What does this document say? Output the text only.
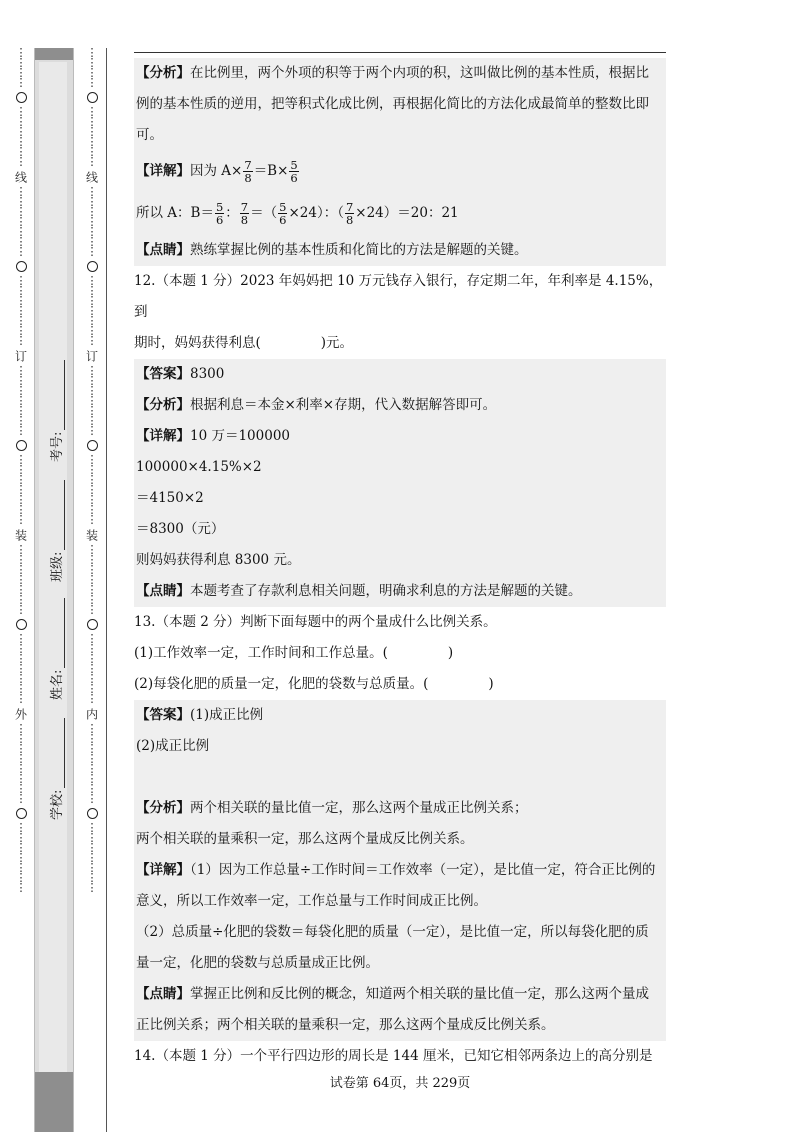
⋮
⋮
⋮
⋮
⋮
⋮
⋮
⋮
⋮
⋮
线
⋮
⋮
⋮
⋮
⋮
⋮
⋮
⋮
⋮
⋮
⋮
⋮
⋮
⋮
订
⋮
⋮
⋮
⋮
⋮
⋮
⋮
⋮
⋮
⋮
⋮
⋮
⋮
⋮
装
⋮
⋮
⋮
⋮
⋮
⋮
⋮
⋮
⋮
⋮
⋮
⋮
⋮
⋮
外
⋮
⋮
⋮
⋮
⋮
⋮
⋮
⋮
⋮
⋮
⋮
⋮
⋮
⋮
⋮
考号:
班级:
姓名:
学校:
⋮
⋮
⋮
⋮
⋮
⋮
⋮
⋮
⋮
⋮
线
⋮
⋮
⋮
⋮
⋮
⋮
⋮
⋮
⋮
⋮
⋮
⋮
⋮
⋮
订
⋮
⋮
⋮
⋮
⋮
⋮
⋮
⋮
⋮
⋮
⋮
⋮
⋮
⋮
装
⋮
⋮
⋮
⋮
⋮
⋮
⋮
⋮
⋮
⋮
⋮
⋮
⋮
⋮
内
⋮
⋮
⋮
⋮
⋮
⋮
⋮
⋮
⋮
⋮
⋮
⋮
⋮
⋮
⋮
【分析】在比例里，两个外项的积等于两个内项的积，这叫做比例的基本性质，根据比
例的基本性质的逆用，把等积式化成比例，再根据化简比的方法化成最简单的整数比即
可。
【详解】因为 $A\times \frac{7}{8} =B\times \frac{5}{6}$
所以 A：$B= \frac{5}{6}$ ： $\frac{7}{8}$ ＝（ $\frac{5}{6} \times 24$）：（ $\frac{7}{8} \times 24)=20$：21
【点睛】熟练掌握比例的基本性质和化简比的方法是解题的关键。
12.（本题 1 分）2023 年妈妈把 10 万元钱存入银行，存定期二年，年利率是 4.15%，到
期时，妈妈获得利息(	)元。
【答案】8300
【分析】根据利息＝本金×利率×存期，代入数据解答即可。
【详解】10 万＝100000
100000×4.15%×2
＝4150×2
＝8300（元）
则妈妈获得利息 8300 元。
【点睛】本题考查了存款利息相关问题，明确求利息的方法是解题的关键。
13.（本题 2 分）判断下面每题中的两个量成什么比例关系。
(1)工作效率一定，工作时间和工作总量。(	)
(2)每袋化肥的质量一定，化肥的袋数与总质量。(	)
【答案】(1)成正比例
(2)成正比例
【分析】两个相关联的量比值一定，那么这两个量成正比例关系；
两个相关联的量乘积一定，那么这两个量成反比例关系。
【详解】（1）因为工作总量÷工作时间＝工作效率（一定），是比值一定，符合正比例的
意义，所以工作效率一定，工作总量与工作时间成正比例。
（2）总质量÷化肥的袋数＝每袋化肥的质量（一定），是比值一定，所以每袋化肥的质
量一定，化肥的袋数与总质量成正比例。
【点睛】掌握正比例和反比例的概念，知道两个相关联的量比值一定，那么这两个量成
正比例关系；两个相关联的量乘积一定，那么这两个量成反比例关系。
14.（本题 1 分）一个平行四边形的周长是 144 厘米，已知它相邻两条边上的高分别是
试卷第 64页，共 229页
